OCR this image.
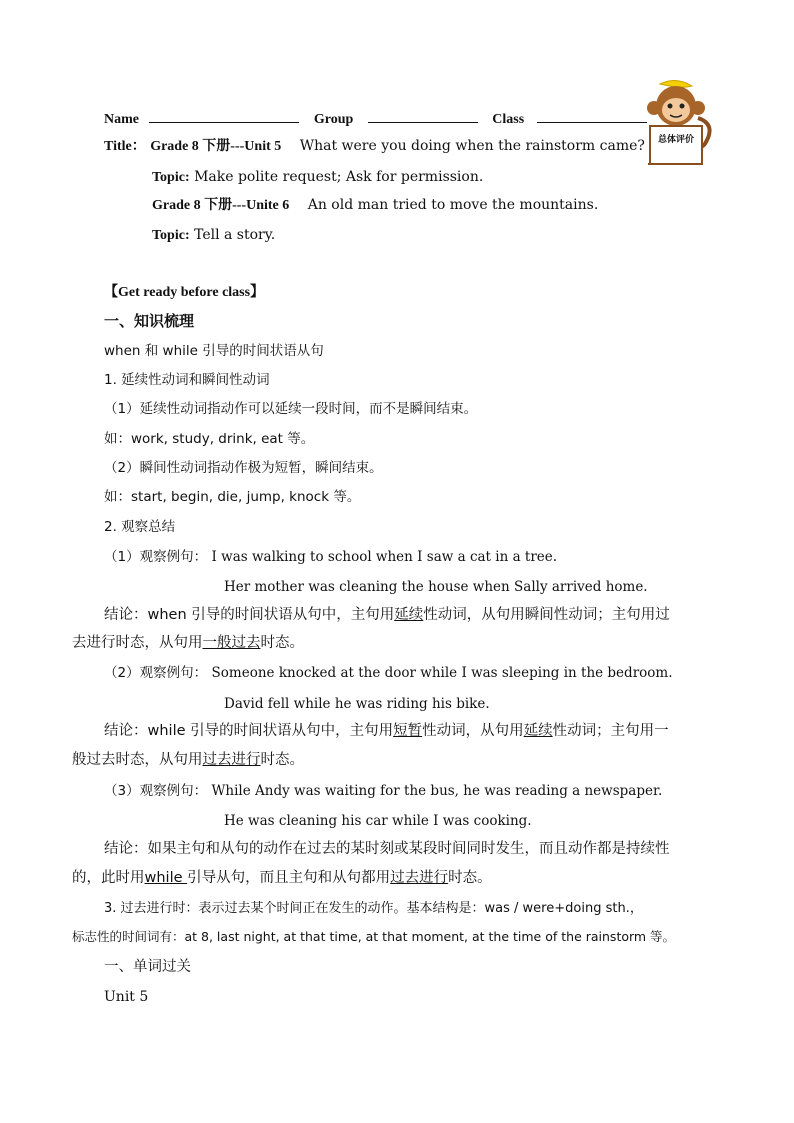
Name	Group	Class
总体评价
Title： Grade 8 下册---Unit 5 What were you doing when the rainstorm came?
Topic: Make polite request; Ask for permission.
Grade 8 下册---Unite 6 An old man tried to move the mountains.
Topic: Tell a story.
【Get ready before class】
一、知识梳理
when 和 while 引导的时间状语从句
1. 延续性动词和瞬间性动词
（1）延续性动词指动作可以延续一段时间，而不是瞬间结束。
如：work, study, drink, eat 等。
（2）瞬间性动词指动作极为短暂，瞬间结束。
如：start, begin, die, jump, knock 等。
2. 观察总结
（1）观察例句： I was walking to school when I saw a cat in a tree.
Her mother was cleaning the house when Sally arrived home.
结论：when 引导的时间状语从句中，主句用延续性动词，从句用瞬间性动词；主句用过
去进行时态，从句用一般过去时态。
（2）观察例句： Someone knocked at the door while I was sleeping in the bedroom.
David fell while he was riding his bike.
结论：while 引导的时间状语从句中，主句用短暂性动词，从句用延续性动词；主句用一
般过去时态，从句用过去进行时态。
（3）观察例句： While Andy was waiting for the bus, he was reading a newspaper.
He was cleaning his car while I was cooking.
结论：如果主句和从句的动作在过去的某时刻或某段时间同时发生，而且动作都是持续性
的，此时用while 引导从句，而且主句和从句都用过去进行时态。
3. 过去进行时：表示过去某个时间正在发生的动作。基本结构是：was / were+doing sth.，
标志性的时间词有：at 8, last night, at that time, at that moment, at the time of the rainstorm 等。
一、单词过关
Unit 5
